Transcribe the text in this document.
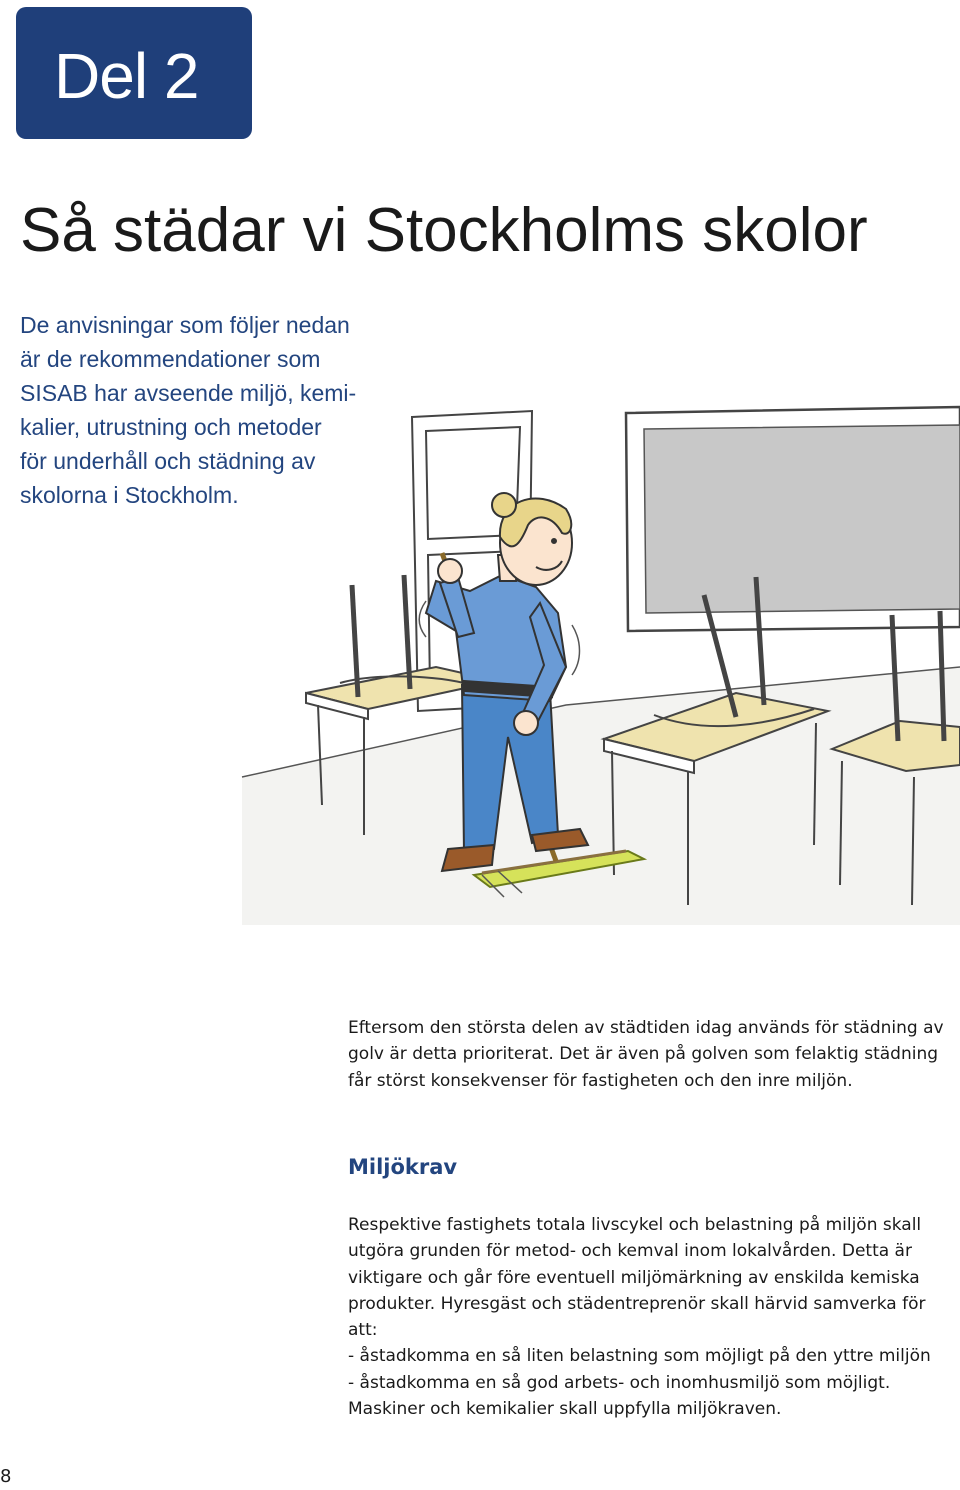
Del 2
Så städar vi Stockholms skolor

De anvisningar som följer nedan
är de rekommendationer som
SISAB har avseende miljö, kemi-
kalier, utrustning och metoder
för underhåll och städning av
skolorna i Stockholm.

Eftersom den största delen av städtiden idag används för städning av
golv är detta prioriterat. Det är även på golven som felaktig städning
får störst konsekvenser för fastigheten och den inre miljön.

Miljökrav

Respektive fastighets totala livscykel och belastning på miljön skall
utgöra grunden för metod- och kemval inom lokalvården. Detta är
viktigare och går före eventuell miljömärkning av enskilda kemiska
produkter. Hyresgäst och städentreprenör skall härvid samverka för
att:
- åstadkomma en så liten belastning som möjligt på den yttre miljön
- åstadkomma en så god arbets- och inomhusmiljö som möjligt.
Maskiner och kemikalier skall uppfylla miljökraven.

8
